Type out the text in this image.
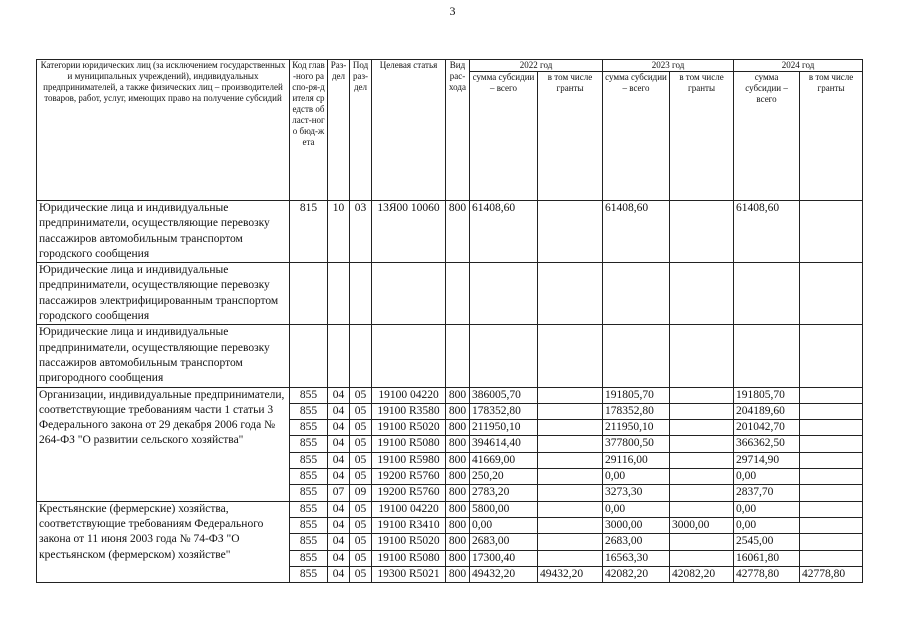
3
Категории юридических лиц (за исключением государственных и муниципальных учреждений), индивидуальных предпринимателей, а также физических лиц – производителей товаров, работ, услуг, имеющих право на получение субсидий	Код глав-ного распо-ря-дителя средств област-ного бюд-жета	Раз-дел	Под раз-дел	Целевая статья	Вид рас-хода	2022 год		2023 год		2024 год	
						сумма субсидии – всего	в том числе гранты	сумма субсидии – всего	в том числе гранты	сумма субсидии – всего	в том числе гранты
Юридические лица и индивидуальные предприниматели, осуществляющие перевозку пассажиров автомобильным транспортом городского сообщения	815	10	03	13Я00 10060	800	61408,60		61408,60		61408,60	
Юридические лица и индивидуальные предприниматели, осуществляющие перевозку пассажиров электрифицированным транспортом городского сообщения											
Юридические лица и индивидуальные предприниматели, осуществляющие перевозку пассажиров автомобильным транспортом пригородного сообщения											
Организации, индивидуальные предприниматели, соответствующие требованиям части 1 статьи 3 Федерального закона от 29 декабря 2006 года № 264-ФЗ "О развитии сельского хозяйства"	855	04	05	19100 04220	800	386005,70		191805,70		191805,70	
	855	04	05	19100 R3580	800	178352,80		178352,80		204189,60	
	855	04	05	19100 R5020	800	211950,10		211950,10		201042,70	
	855	04	05	19100 R5080	800	394614,40		377800,50		366362,50	
	855	04	05	19100 R5980	800	41669,00		29116,00		29714,90	
	855	04	05	19200 R5760	800	250,20		0,00		0,00	
	855	07	09	19200 R5760	800	2783,20		3273,30		2837,70	
Крестьянские (фермерские) хозяйства, соответствующие требованиям Федерального закона от 11 июня 2003 года № 74-ФЗ "О крестьянском (фермерском) хозяйстве"	855	04	05	19100 04220	800	5800,00		0,00		0,00	
	855	04	05	19100 R3410	800	0,00		3000,00	3000,00	0,00	
	855	04	05	19100 R5020	800	2683,00		2683,00		2545,00	
	855	04	05	19100 R5080	800	17300,40		16563,30		16061,80	
	855	04	05	19300 R5021	800	49432,20	49432,20	42082,20	42082,20	42778,80	42778,80
